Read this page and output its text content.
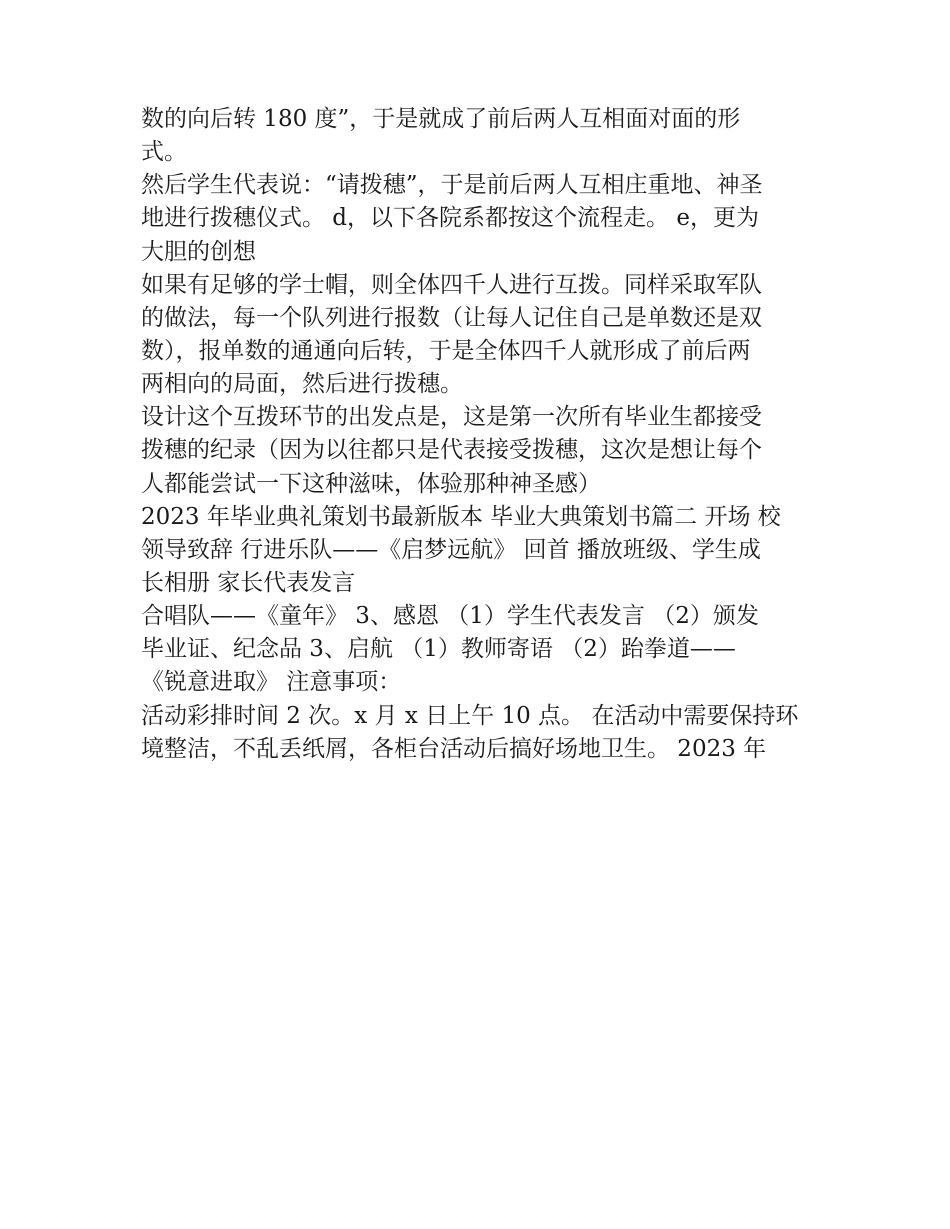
数的向后转 180 度”，于是就成了前后两人互相面对面的形

式。

然后学生代表说：“请拨穗”，于是前后两人互相庄重地、神圣

地进行拨穗仪式。 d，以下各院系都按这个流程走。 e，更为

大胆的创想

如果有足够的学士帽，则全体四千人进行互拨。同样采取军队

的做法，每一个队列进行报数（让每人记住自己是单数还是双

数），报单数的通通向后转，于是全体四千人就形成了前后两

两相向的局面，然后进行拨穗。

设计这个互拨环节的出发点是，这是第一次所有毕业生都接受

拨穗的纪录（因为以往都只是代表接受拨穗，这次是想让每个

人都能尝试一下这种滋味，体验那种神圣感）

2023 年毕业典礼策划书最新版本 毕业大典策划书篇二 开场 校

领导致辞 行进乐队——《启梦远航》 回首 播放班级、学生成

长相册 家长代表发言

合唱队——《童年》 3、感恩 （1）学生代表发言 （2）颁发

毕业证、纪念品 3、启航 （1）教师寄语 （2）跆拳道——

《锐意进取》 注意事项：

活动彩排时间 2 次。x 月 x 日上午 10 点。 在活动中需要保持环

境整洁，不乱丢纸屑，各柜台活动后搞好场地卫生。 2023 年
